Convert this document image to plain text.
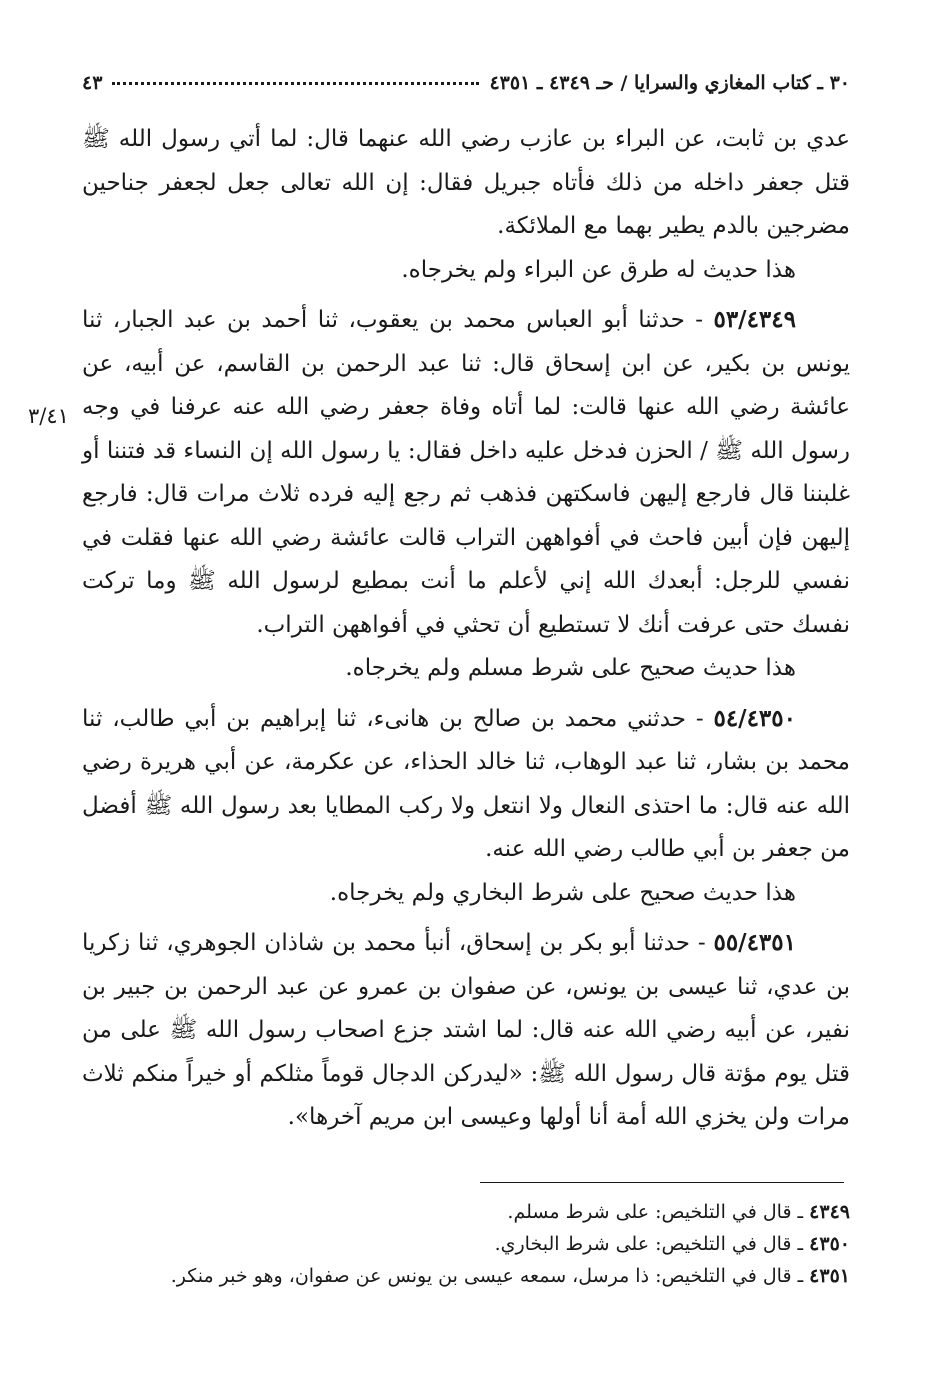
٣٠ ـ كتاب المغازي والسرايا / حـ ٤٣٤٩ ـ ٤٣٥١
٤٣
٣/٤١

عدي بن ثابت، عن البراء بن عازب رضي الله عنهما قال: لما أتي رسول الله ﷺ قتل جعفر داخله من ذلك فأتاه جبريل فقال: إن الله تعالى جعل لجعفر جناحين مضرجين بالدم يطير بهما مع الملائكة.

هذا حديث له طرق عن البراء ولم يخرجاه.

٥٣/٤٣٤٩ - حدثنا أبو العباس محمد بن يعقوب، ثنا أحمد بن عبد الجبار، ثنا يونس بن بكير، عن ابن إسحاق قال: ثنا عبد الرحمن بن القاسم، عن أبيه، عن عائشة رضي الله عنها قالت: لما أتاه وفاة جعفر رضي الله عنه عرفنا في وجه رسول الله ﷺ / الحزن فدخل عليه داخل فقال: يا رسول الله إن النساء قد فتننا أو غلبننا قال فارجع إليهن فاسكتهن فذهب ثم رجع إليه فرده ثلاث مرات قال: فارجع إليهن فإن أبين فاحث في أفواههن التراب قالت عائشة رضي الله عنها فقلت في نفسي للرجل: أبعدك الله إني لأعلم ما أنت بمطيع لرسول الله ﷺ وما تركت نفسك حتى عرفت أنك لا تستطيع أن تحثي في أفواههن التراب.

هذا حديث صحيح على شرط مسلم ولم يخرجاه.

٥٤/٤٣٥٠ - حدثني محمد بن صالح بن هانىء، ثنا إبراهيم بن أبي طالب، ثنا محمد بن بشار، ثنا عبد الوهاب، ثنا خالد الحذاء، عن عكرمة، عن أبي هريرة رضي الله عنه قال: ما احتذى النعال ولا انتعل ولا ركب المطايا بعد رسول الله ﷺ أفضل من جعفر بن أبي طالب رضي الله عنه.

هذا حديث صحيح على شرط البخاري ولم يخرجاه.

٥٥/٤٣٥١ - حدثنا أبو بكر بن إسحاق، أنبأ محمد بن شاذان الجوهري، ثنا زكريا بن عدي، ثنا عيسى بن يونس، عن صفوان بن عمرو عن عبد الرحمن بن جبير بن نفير، عن أبيه رضي الله عنه قال: لما اشتد جزع اصحاب رسول الله ﷺ على من قتل يوم مؤتة قال رسول الله ﷺ: «ليدركن الدجال قوماً مثلكم أو خيراً منكم ثلاث مرات ولن يخزي الله أمة أنا أولها وعيسى ابن مريم آخرها».

٤٣٤٩ ـ قال في التلخيص: على شرط مسلم.

٤٣٥٠ ـ قال في التلخيص: على شرط البخاري.

٤٣٥١ ـ قال في التلخيص: ذا مرسل، سمعه عيسى بن يونس عن صفوان، وهو خبر منكر.
